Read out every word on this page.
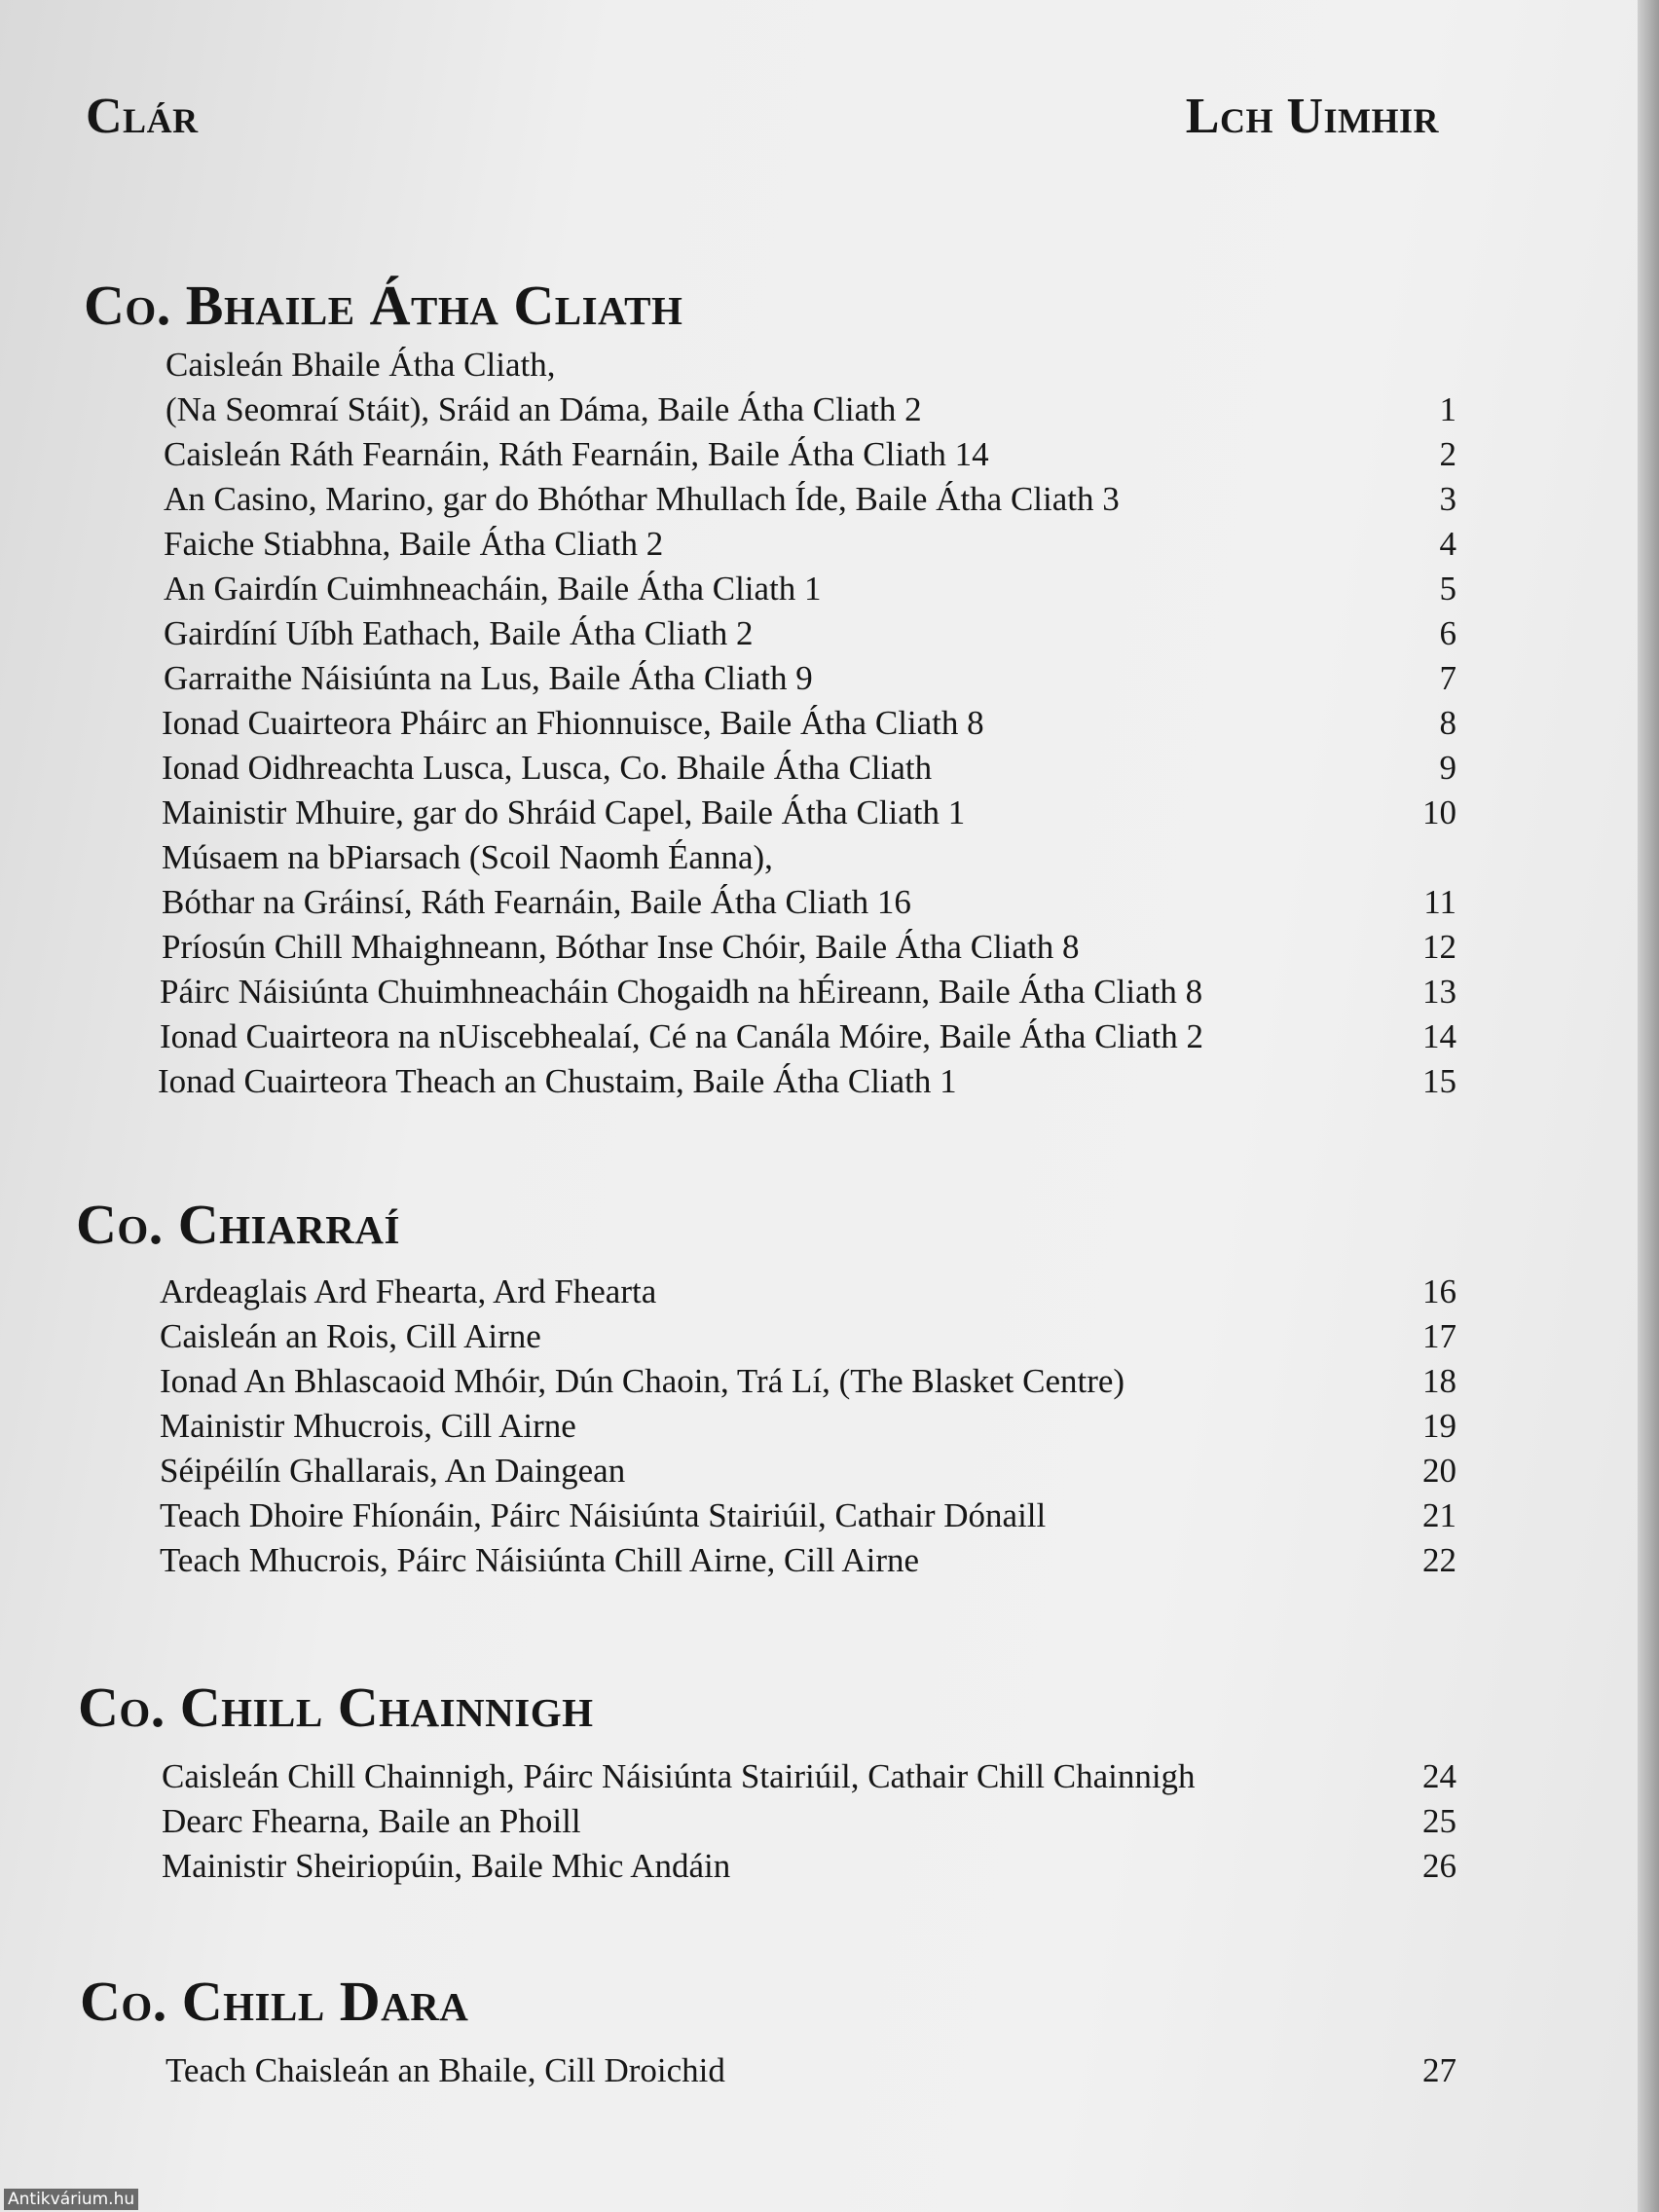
Clár	Lch Uimhir
Co. Bhaile Átha Cliath
Caisleán Bhaile Átha Cliath,
(Na Seomraí Stáit), Sráid an Dáma, Baile Átha Cliath 2	1
Caisleán Ráth Fearnáin, Ráth Fearnáin, Baile Átha Cliath 14	2
An Casino, Marino, gar do Bhóthar Mhullach Íde, Baile Átha Cliath 3	3
Faiche Stiabhna, Baile Átha Cliath 2	4
An Gairdín Cuimhneacháin, Baile Átha Cliath 1	5
Gairdíní Uíbh Eathach, Baile Átha Cliath 2	6
Garraithe Náisiúnta na Lus, Baile Átha Cliath 9	7
Ionad Cuairteora Pháirc an Fhionnuisce, Baile Átha Cliath 8	8
Ionad Oidhreachta Lusca, Lusca, Co. Bhaile Átha Cliath	9
Mainistir Mhuire, gar do Shráid Capel, Baile Átha Cliath 1	10
Músaem na bPiarsach (Scoil Naomh Éanna),
Bóthar na Gráinsí, Ráth Fearnáin, Baile Átha Cliath 16	11
Príosún Chill Mhaighneann, Bóthar Inse Chóir, Baile Átha Cliath 8	12
Páirc Náisiúnta Chuimhneacháin Chogaidh na hÉireann, Baile Átha Cliath 8	13
Ionad Cuairteora na nUiscebhealaí, Cé na Canála Móire, Baile Átha Cliath 2	14
Ionad Cuairteora Theach an Chustaim, Baile Átha Cliath 1	15
Co. Chiarraí
Ardeaglais Ard Fhearta, Ard Fhearta	16
Caisleán an Rois, Cill Airne	17
Ionad An Bhlascaoid Mhóir, Dún Chaoin, Trá Lí, (The Blasket Centre)	18
Mainistir Mhucrois, Cill Airne	19
Séipéilín Ghallarais, An Daingean	20
Teach Dhoire Fhíonáin, Páirc Náisiúnta Stairiúil, Cathair Dónaill	21
Teach Mhucrois, Páirc Náisiúnta Chill Airne, Cill Airne	22
Co. Chill Chainnigh
Caisleán Chill Chainnigh, Páirc Náisiúnta Stairiúil, Cathair Chill Chainnigh	24
Dearc Fhearna, Baile an Phoill	25
Mainistir Sheiriopúin, Baile Mhic Andáin	26
Co. Chill Dara
Teach Chaisleán an Bhaile, Cill Droichid	27
Antikvárium.hu
